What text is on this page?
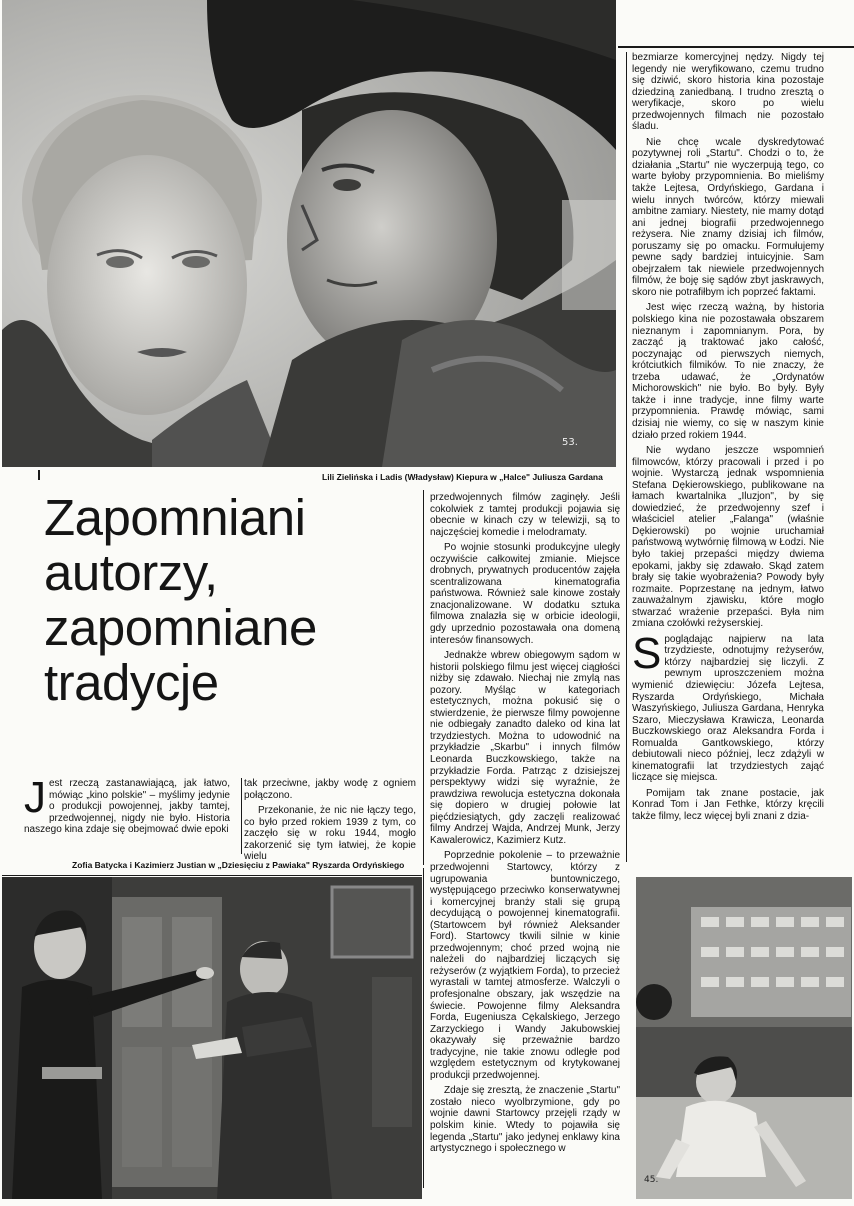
53.
Lili Zielińska i Ladis (Władysław) Kiepura w „Halce" Juliusza Gardana
Zapomniani
autorzy,
zapomniane
tradycje

Jest rzeczą zastanawiającą, jak łatwo, mówiąc „kino polskie" – myślimy jedynie o produkcji powojennej, jakby tamtej, przedwojennej, nigdy nie było. Historia naszego kina zdaje się obejmować dwie epoki

tak przeciwne, jakby wodę z ogniem połączono.

Przekonanie, że nic nie łączy tego, co było przed rokiem 1939 z tym, co zaczęło się w roku 1944, mogło zakorzenić się tym łatwiej, że kopie wielu

Zofia Batycka i Kazimierz Justian w „Dziesięciu z Pawiaka" Ryszarda Ordyńskiego

przedwojennych filmów zaginęły. Jeśli cokolwiek z tamtej produkcji pojawia się obecnie w kinach czy w telewizji, są to najczęściej komedie i melodramaty.

Po wojnie stosunki produkcyjne uległy oczywiście całkowitej zmianie. Miejsce drobnych, prywatnych producentów zajęła scentralizowana kinematografia państwowa. Również sale kinowe zostały znacjonalizowane. W dodatku sztuka filmowa znalazła się w orbicie ideologii, gdy uprzednio pozostawała ona domeną interesów finansowych.

Jednakże wbrew obiegowym sądom w historii polskiego filmu jest więcej ciągłości niżby się zdawało. Niechaj nie zmylą nas pozory. Myśląc w kategoriach estetycznych, można pokusić się o stwierdzenie, że pierwsze filmy powojenne nie odbiegały zanadto daleko od kina lat trzydziestych. Można to udowodnić na przykładzie „Skarbu" i innych filmów Leonarda Buczkowskiego, także na przykładzie Forda. Patrząc z dzisiejszej perspektywy widzi się wyraźnie, że prawdziwa rewolucja estetyczna dokonała się dopiero w drugiej połowie lat pięćdziesiątych, gdy zaczęli realizować filmy Andrzej Wajda, Andrzej Munk, Jerzy Kawalerowicz, Kazimierz Kutz.

Poprzednie pokolenie – to przeważnie przedwojenni Startowcy, którzy z ugrupowania buntowniczego, występującego przeciwko konserwatywnej i komercyjnej branży stali się grupą decydującą o powojennej kinematografii. (Startowcem był również Aleksander Ford). Startowcy tkwili silnie w kinie przedwojennym; choć przed wojną nie należeli do najbardziej liczących się reżyserów (z wyjątkiem Forda), to przecież wyrastali w tamtej atmosferze. Walczyli o profesjonalne obszary, jak wszędzie na świecie. Powojenne filmy Aleksandra Forda, Eugeniusza Cękalskiego, Jerzego Zarzyckiego i Wandy Jakubowskiej okazywały się przeważnie bardzo tradycyjne, nie takie znowu odległe pod względem estetycznym od krytykowanej produkcji przedwojennej.

Zdaje się zresztą, że znaczenie „Startu" zostało nieco wyolbrzymione, gdy po wojnie dawni Startowcy przejęli rządy w polskim kinie. Wtedy to pojawiła się legenda „Startu" jako jedynej enklawy kina artystycznego i społecznego w

bezmiarze komercyjnej nędzy. Nigdy tej legendy nie weryfikowano, czemu trudno się dziwić, skoro historia kina pozostaje dziedziną zaniedbaną. I trudno zresztą o weryfikacje, skoro po wielu przedwojennych filmach nie pozostało śladu.

Nie chcę wcale dyskredytować pozytywnej roli „Startu". Chodzi o to, że działania „Startu" nie wyczerpują tego, co warte byłoby przypomnienia. Bo mieliśmy także Lejtesa, Ordyńskiego, Gardana i wielu innych twórców, którzy miewali ambitne zamiary. Niestety, nie mamy dotąd ani jednej biografii przedwojennego reżysera. Nie znamy dzisiaj ich filmów, poruszamy się po omacku. Formułujemy pewne sądy bardziej intuicyjnie. Sam obejrzałem tak niewiele przedwojennych filmów, że boję się sądów zbyt jaskrawych, skoro nie potrafiłbym ich poprzeć faktami.

Jest więc rzeczą ważną, by historia polskiego kina nie pozostawała obszarem nieznanym i zapomnianym. Pora, by zacząć ją traktować jako całość, poczynając od pierwszych niemych, krótciutkich filmików. To nie znaczy, że trzeba udawać, że „Ordynatów Michorowskich" nie było. Bo były. Były także i inne tradycje, inne filmy warte przypomnienia. Prawdę mówiąc, sami dzisiaj nie wiemy, co się w naszym kinie działo przed rokiem 1944.

Nie wydano jeszcze wspomnień filmowców, którzy pracowali i przed i po wojnie. Wystarczą jednak wspomnienia Stefana Dękierowskiego, publikowane na łamach kwartalnika „Iluzjon", by się dowiedzieć, że przedwojenny szef i właściciel atelier „Falanga" (właśnie Dękierowski) po wojnie uruchamiał państwową wytwórnię filmową w Łodzi. Nie było takiej przepaści między dwiema epokami, jakby się zdawało. Skąd zatem brały się takie wyobrażenia? Powody były rozmaite. Poprzestanę na jednym, łatwo zauważalnym zjawisku, które mogło stwarzać wrażenie przepaści. Była nim zmiana czołówki reżyserskiej.

Spoglądając najpierw na lata trzydzieste, odnotujmy reżyserów, którzy najbardziej się liczyli. Z pewnym uproszczeniem można wymienić dziewięciu: Józefa Lejtesa, Ryszarda Ordyńskiego, Michała Waszyńskiego, Juliusza Gardana, Henryka Szaro, Mieczysława Krawicza, Leonarda Buczkowskiego oraz Aleksandra Forda i Romualda Gantkowskiego, którzy debiutowali nieco później, lecz zdążyli w kinematografii lat trzydziestych zająć liczące się miejsca.

Pomijam tak znane postacie, jak Konrad Tom i Jan Fethke, którzy kręcili także filmy, lecz więcej byli znani z dzia-

45.
